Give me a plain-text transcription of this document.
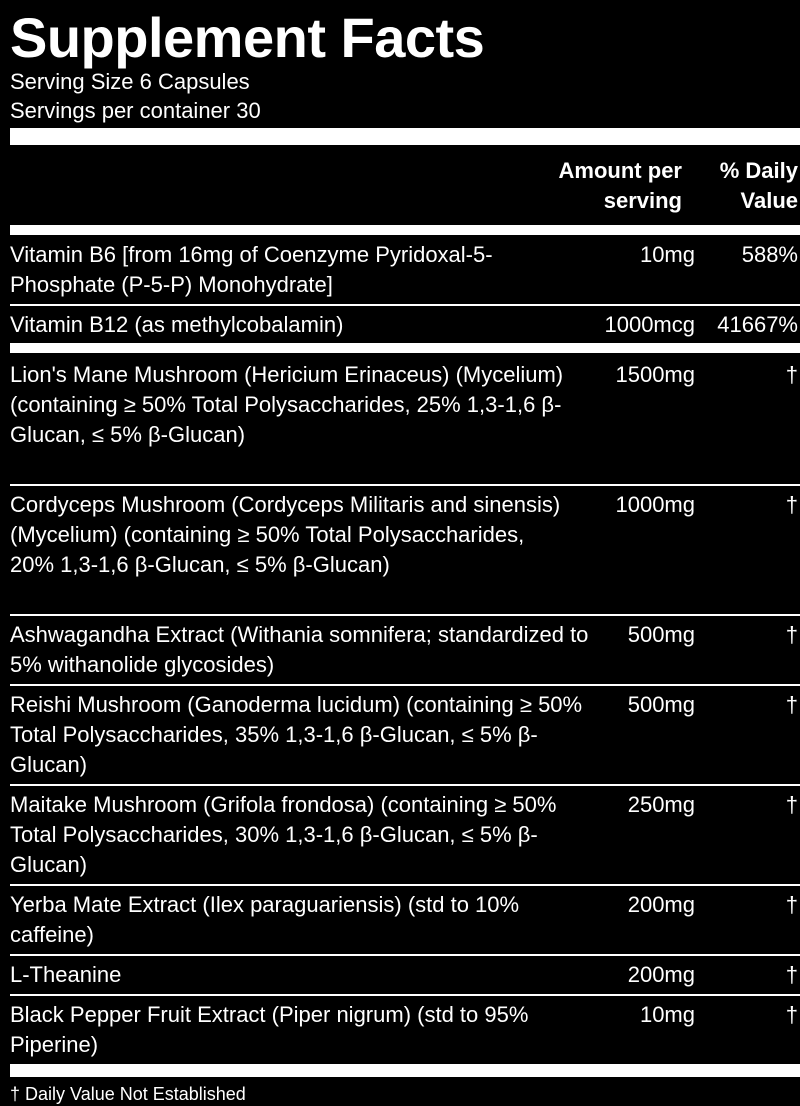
Supplement Facts
Serving Size 6 Capsules
Servings per container 30
Amount per
serving
% Daily
Value
Vitamin B6 [from 16mg of Coenzyme Pyridoxal-5-Phosphate (P-5-P) Monohydrate]
10mg 588%
Vitamin B12 (as methylcobalamin)	1000mcg 41667%
Lion's Mane Mushroom (Hericium Erinaceus) (Mycelium) (containing ≥ 50% Total Polysaccharides, 25% 1,3-1,6 β-Glucan, ≤ 5% β-Glucan)
1500mg	†
Cordyceps Mushroom (Cordyceps Militaris and sinensis) (Mycelium) (containing ≥ 50% Total Polysaccharides, 20% 1,3-1,6 β-Glucan, ≤ 5% β-Glucan)
1000mg	†
Ashwagandha Extract (Withania somnifera; standardized to 5% withanolide glycosides)
500mg	†
Reishi Mushroom (Ganoderma lucidum) (containing ≥ 50% Total Polysaccharides, 35% 1,3-1,6 β-Glucan, ≤ 5% β-Glucan)
500mg	†
Maitake Mushroom (Grifola frondosa) (containing ≥ 50% Total Polysaccharides, 30% 1,3-1,6 β-Glucan, ≤ 5% β-Glucan)
250mg	†
Yerba Mate Extract (Ilex paraguariensis) (std to 10% caffeine)
200mg	†
L-Theanine	200mg	†
Black Pepper Fruit Extract (Piper nigrum) (std to 95% Piperine)
10mg	†
† Daily Value Not Established
